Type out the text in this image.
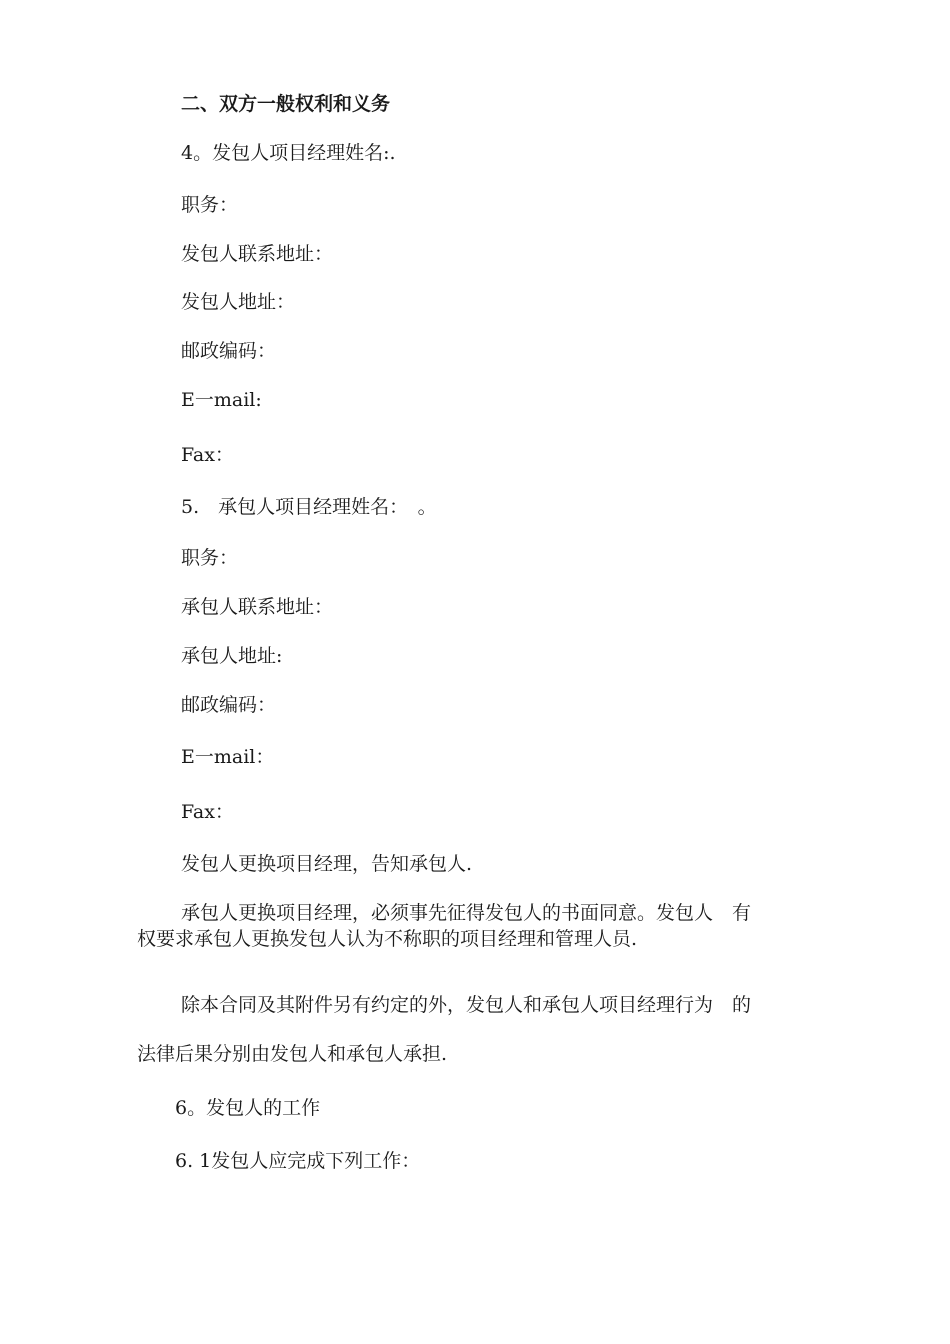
二、双方一般权利和义务
4。发包人项目经理姓名:.
职务：
发包人联系地址：
发包人地址：
邮政编码：
E一mail:
Fax：
5.　承包人项目经理姓名：　。
职务：
承包人联系地址：
承包人地址:
邮政编码：
E一mail：
Fax：
发包人更换项目经理，告知承包人.
承包人更换项目经理，必须事先征得发包人的书面同意。发包人　有
权要求承包人更换发包人认为不称职的项目经理和管理人员.
除本合同及其附件另有约定的外，发包人和承包人项目经理行为　的
法律后果分别由发包人和承包人承担.
6。发包人的工作
6. 1发包人应完成下列工作：
